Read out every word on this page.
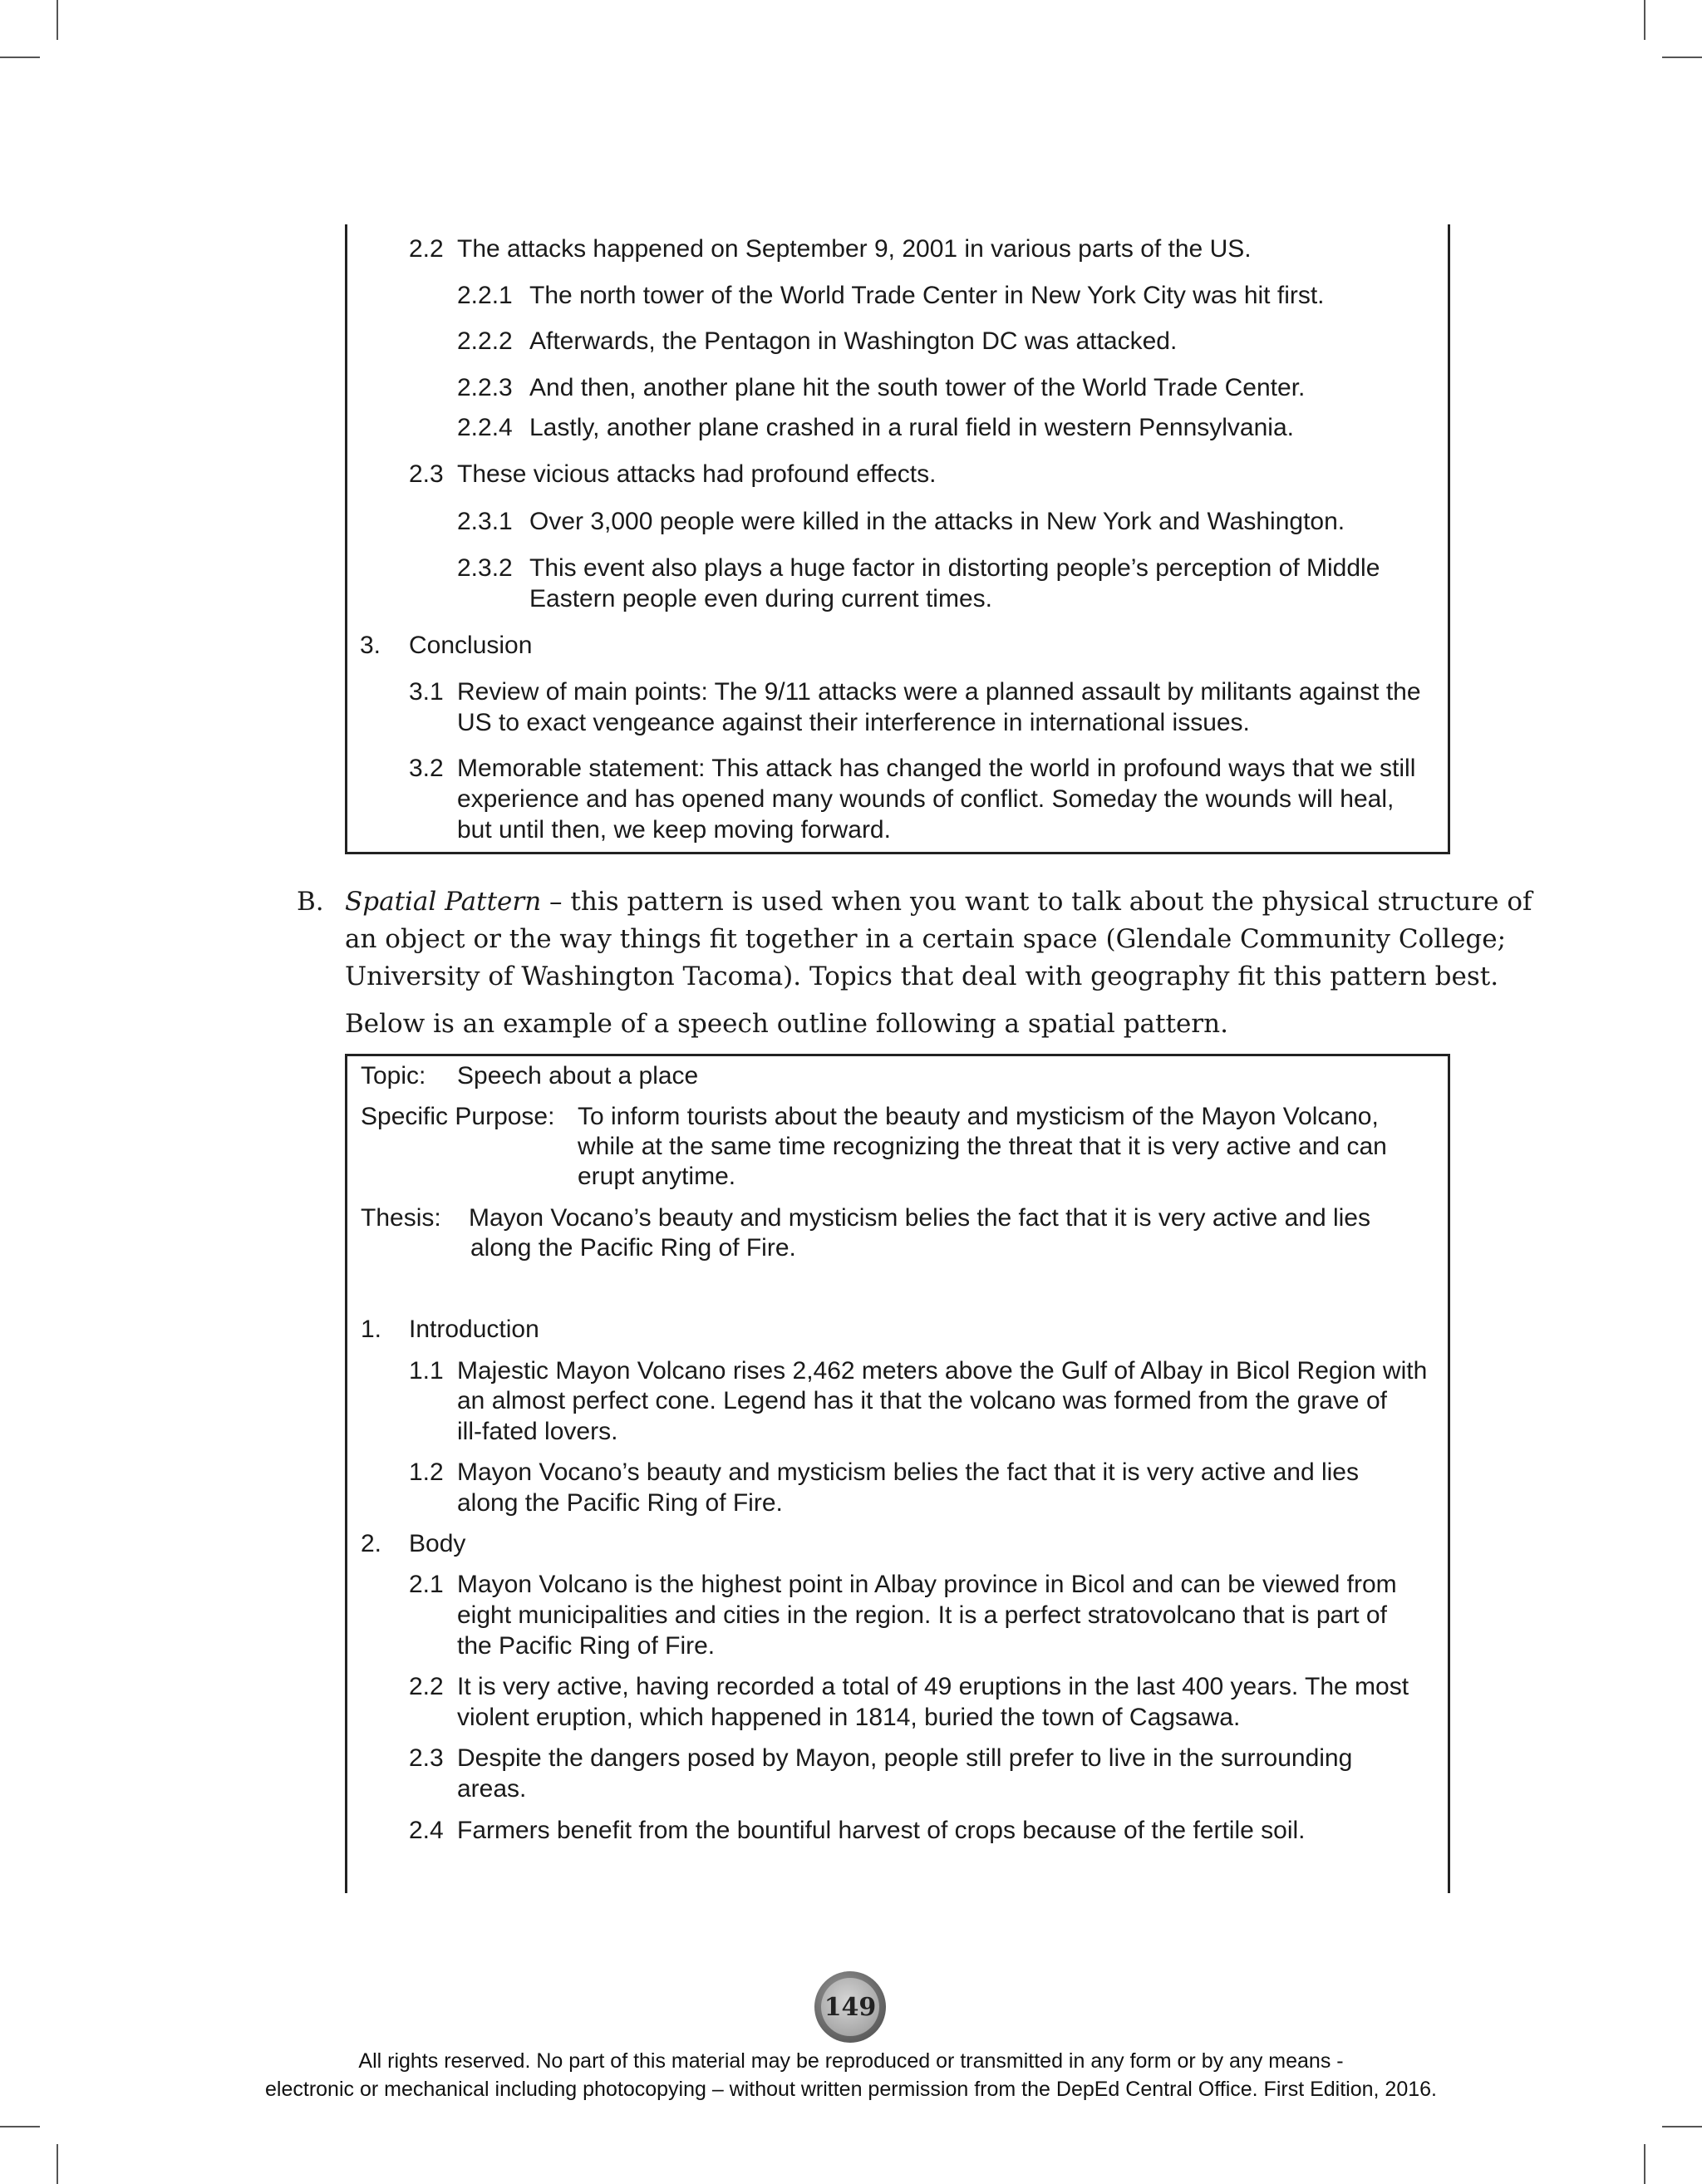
2.2 The attacks happened on September 9, 2001 in various parts of the US.
2.2.1 The north tower of the World Trade Center in New York City was hit first.
2.2.2 Afterwards, the Pentagon in Washington DC was attacked.
2.2.3 And then, another plane hit the south tower of the World Trade Center.
2.2.4 Lastly, another plane crashed in a rural field in western Pennsylvania.
2.3 These vicious attacks had profound effects.
2.3.1 Over 3,000 people were killed in the attacks in New York and Washington.
2.3.2 This event also plays a huge factor in distorting people’s perception of Middle
Eastern people even during current times.
3. Conclusion
3.1 Review of main points: The 9/11 attacks were a planned assault by militants against the
US to exact vengeance against their interference in international issues.
3.2 Memorable statement: This attack has changed the world in profound ways that we still
experience and has opened many wounds of conflict. Someday the wounds will heal,
but until then, we keep moving forward.
B. Spatial Pattern – this pattern is used when you want to talk about the physical structure of
an object or the way things fit together in a certain space (Glendale Community College;
University of Washington Tacoma). Topics that deal with geography fit this pattern best.
Below is an example of a speech outline following a spatial pattern.
Topic: Speech about a place
Specific Purpose: To inform tourists about the beauty and mysticism of the Mayon Volcano,
while at the same time recognizing the threat that it is very active and can
erupt anytime.
Thesis: Mayon Vocano’s beauty and mysticism belies the fact that it is very active and lies
along the Pacific Ring of Fire.
1. Introduction
1.1 Majestic Mayon Volcano rises 2,462 meters above the Gulf of Albay in Bicol Region with
an almost perfect cone. Legend has it that the volcano was formed from the grave of
ill-fated lovers.
1.2 Mayon Vocano’s beauty and mysticism belies the fact that it is very active and lies
along the Pacific Ring of Fire.
2. Body
2.1 Mayon Volcano is the highest point in Albay province in Bicol and can be viewed from
eight municipalities and cities in the region. It is a perfect stratovolcano that is part of
the Pacific Ring of Fire.
2.2 It is very active, having recorded a total of 49 eruptions in the last 400 years. The most
violent eruption, which happened in 1814, buried the town of Cagsawa.
2.3 Despite the dangers posed by Mayon, people still prefer to live in the surrounding
areas.
2.4 Farmers benefit from the bountiful harvest of crops because of the fertile soil.
149
All rights reserved. No part of this material may be reproduced or transmitted in any form or by any means -
electronic or mechanical including photocopying – without written permission from the DepEd Central Office. First Edition, 2016.
